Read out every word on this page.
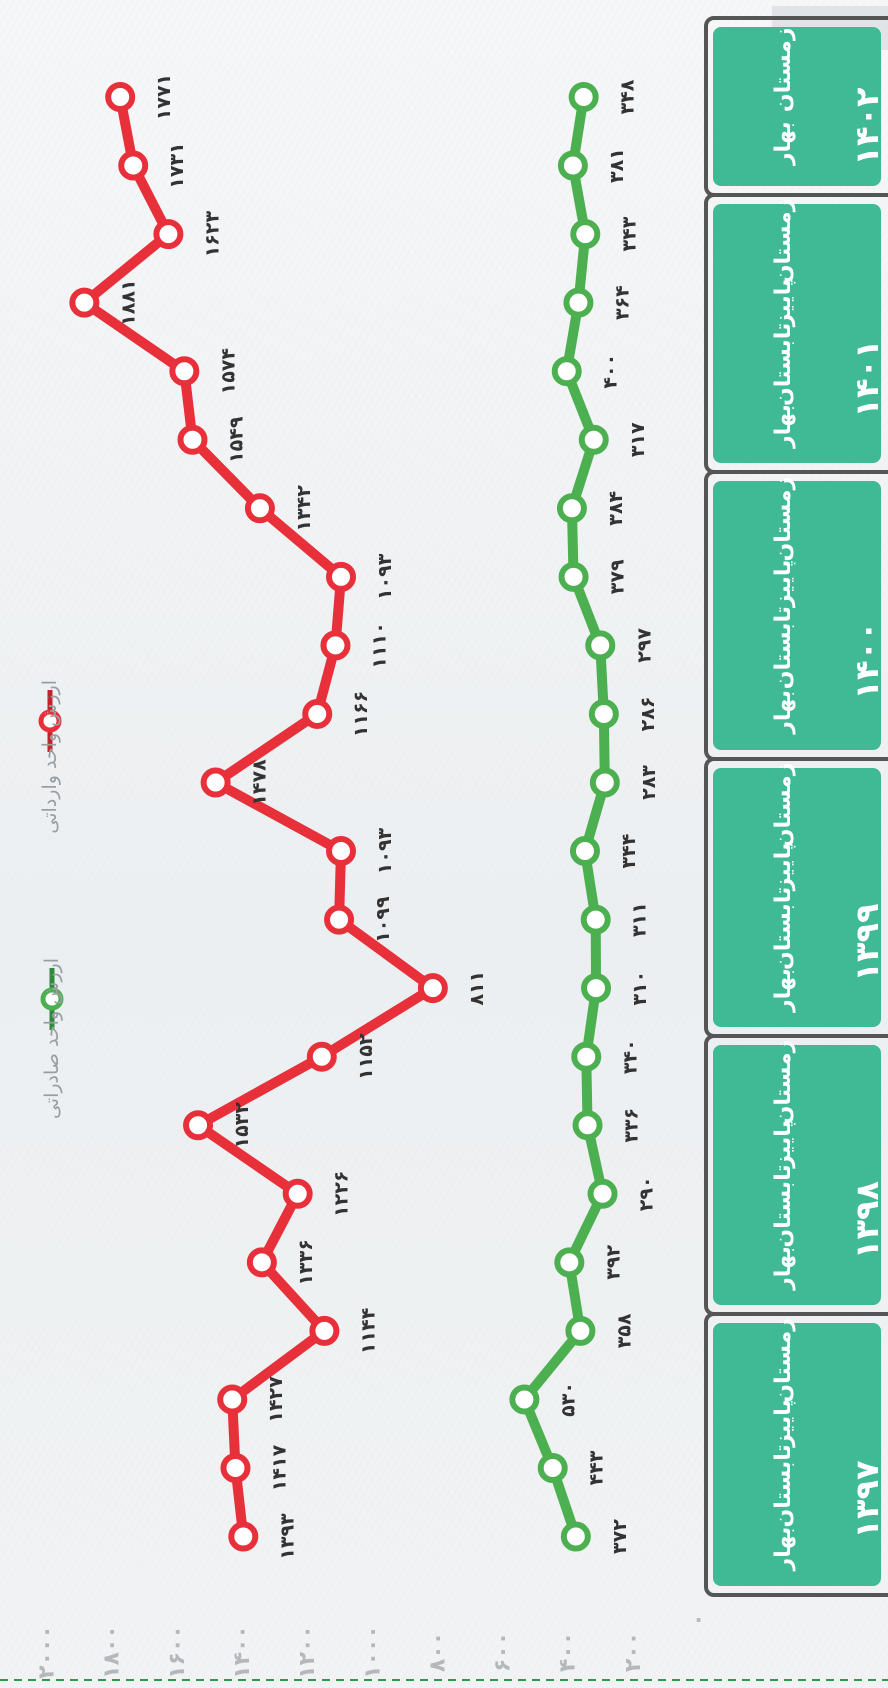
۱۴۰۲
زمستان
بهار
۱۴۰۱
زمستان
پاییز
تابستان
بهار
۱۴۰۰
زمستان
پاییز
تابستان
بهار
۱۳۹۹
زمستان
پاییز
تابستان
بهار
۱۳۹۸
زمستان
پاییز
تابستان
بهار
۱۳۹۷
زمستان
پاییز
تابستان
بهار
۰
۲۰۰
۴۰۰
۶۰۰
۸۰۰
۱۰۰۰
۱۲۰۰
۱۴۰۰
۱۶۰۰
۱۸۰۰
۲۰۰۰
۳۷۲
۴۴۳
۵۳۰
۳۵۸
۳۹۲
۲۹۰
۳۳۶
۳۴۰
۳۱۰
۳۱۱
۳۴۴
۲۸۳
۲۸۶
۲۹۷
۳۷۹
۳۸۴
۳۱۷
۴۰۰
۳۶۴
۳۴۳
۳۸۱
۳۴۸
۱۳۹۳
۱۴۱۷
۱۴۲۷
۱۱۴۴
۱۳۳۶
۱۲۲۶
۱۵۳۲
۱۱۵۲
۸۱۱
۱۰۹۹
۱۰۹۳
۱۴۷۸
۱۱۶۶
۱۱۱۰
۱۰۹۳
۱۳۴۲
۱۵۴۹
۱۵۷۴
۱۸۸۱
۱۶۲۳
۱۷۳۱
۱۷۷۱
ارزش واحد صادراتی
ارزش واحد وارداتی
